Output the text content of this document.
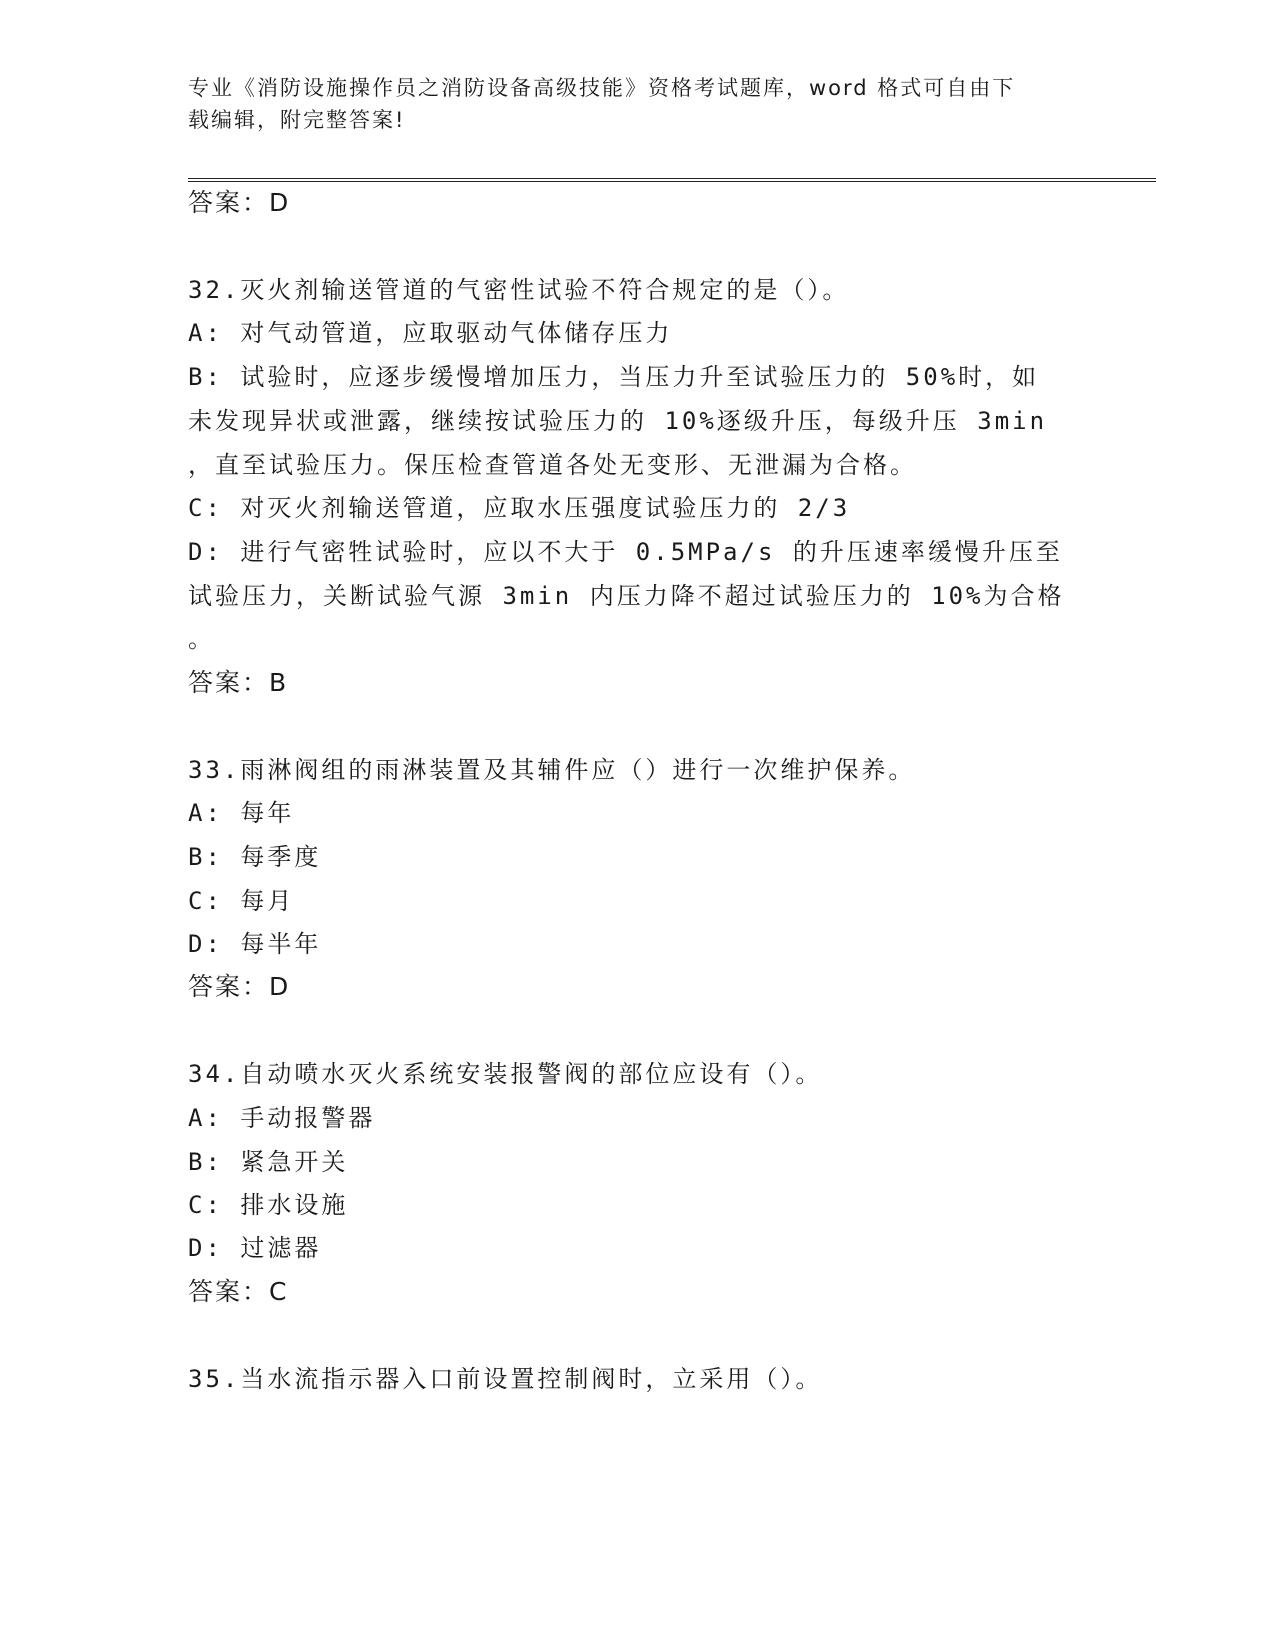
专业《消防设施操作员之消防设备高级技能》资格考试题库，word 格式可自由下
载编辑，附完整答案!
答案：D
32.灭火剂输送管道的气密性试验不符合规定的是（）。
A: 对气动管道，应取驱动气体储存压力
B: 试验时，应逐步缓慢增加压力，当压力升至试验压力的 50%时，如
未发现异状或泄露，继续按试验压力的 10%逐级升压，每级升压 3min
，直至试验压力。保压检查管道各处无变形、无泄漏为合格。
C: 对灭火剂输送管道，应取水压强度试验压力的 2/3
D: 进行气密牲试验时，应以不大于 0.5MPa/s 的升压速率缓慢升压至
试验压力，关断试验气源 3min 内压力降不超过试验压力的 10%为合格
。
答案：B
33.雨淋阀组的雨淋装置及其辅件应（）进行一次维护保养。
A: 每年
B: 每季度
C: 每月
D: 每半年
答案：D
34.自动喷水灭火系统安装报警阀的部位应设有（）。
A: 手动报警器
B: 紧急开关
C: 排水设施
D: 过滤器
答案：C
35.当水流指示器入口前设置控制阀时，立采用（）。
